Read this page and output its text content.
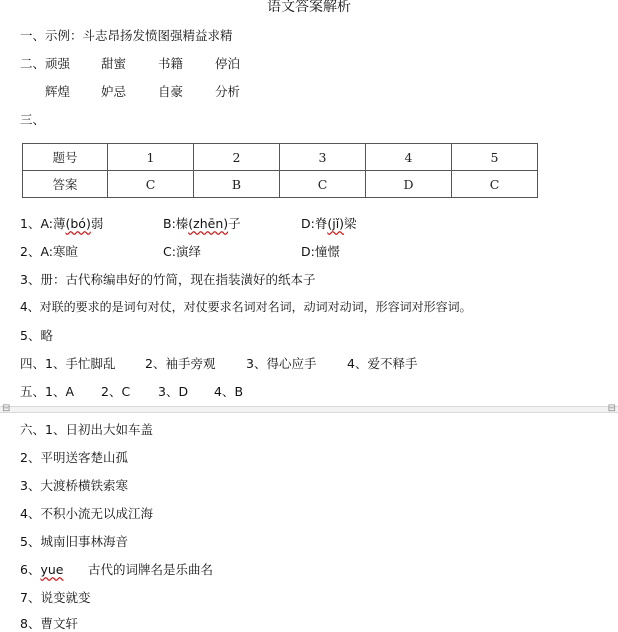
语文答案解析
一、示例：斗志昂扬发愤图强精益求精
二、 顽强 甜蜜	书籍	停泊
辉煌 妒忌	自豪	分析
三、
题号	1	2	3	4	5
答案	C	B	C	D	C
1、A:薄(bó)弱	B:榛(zhēn)子	D:脊(jǐ)梁
2、A:寒暄	C:演绎	D:憧憬
3、册：古代称编串好的竹简，现在指装潢好的纸本子
4、对联的要求的是词句对仗，对仗要求名词对名词，动词对动词，形容词对形容词。
5、略
四、 1、手忙脚乱 2、袖手旁观 3、得心应手 4、爱不释手
五、 1、A 2、C 3、D 4、B
⊟	⊟
六、1、日初出大如车盖
2、平明送客楚山孤
3、大渡桥横铁索寒
4、不积小流无以成江海
5、城南旧事林海音
6、yue 古代的词牌名是乐曲名
7、说变就变
8、曹文轩
